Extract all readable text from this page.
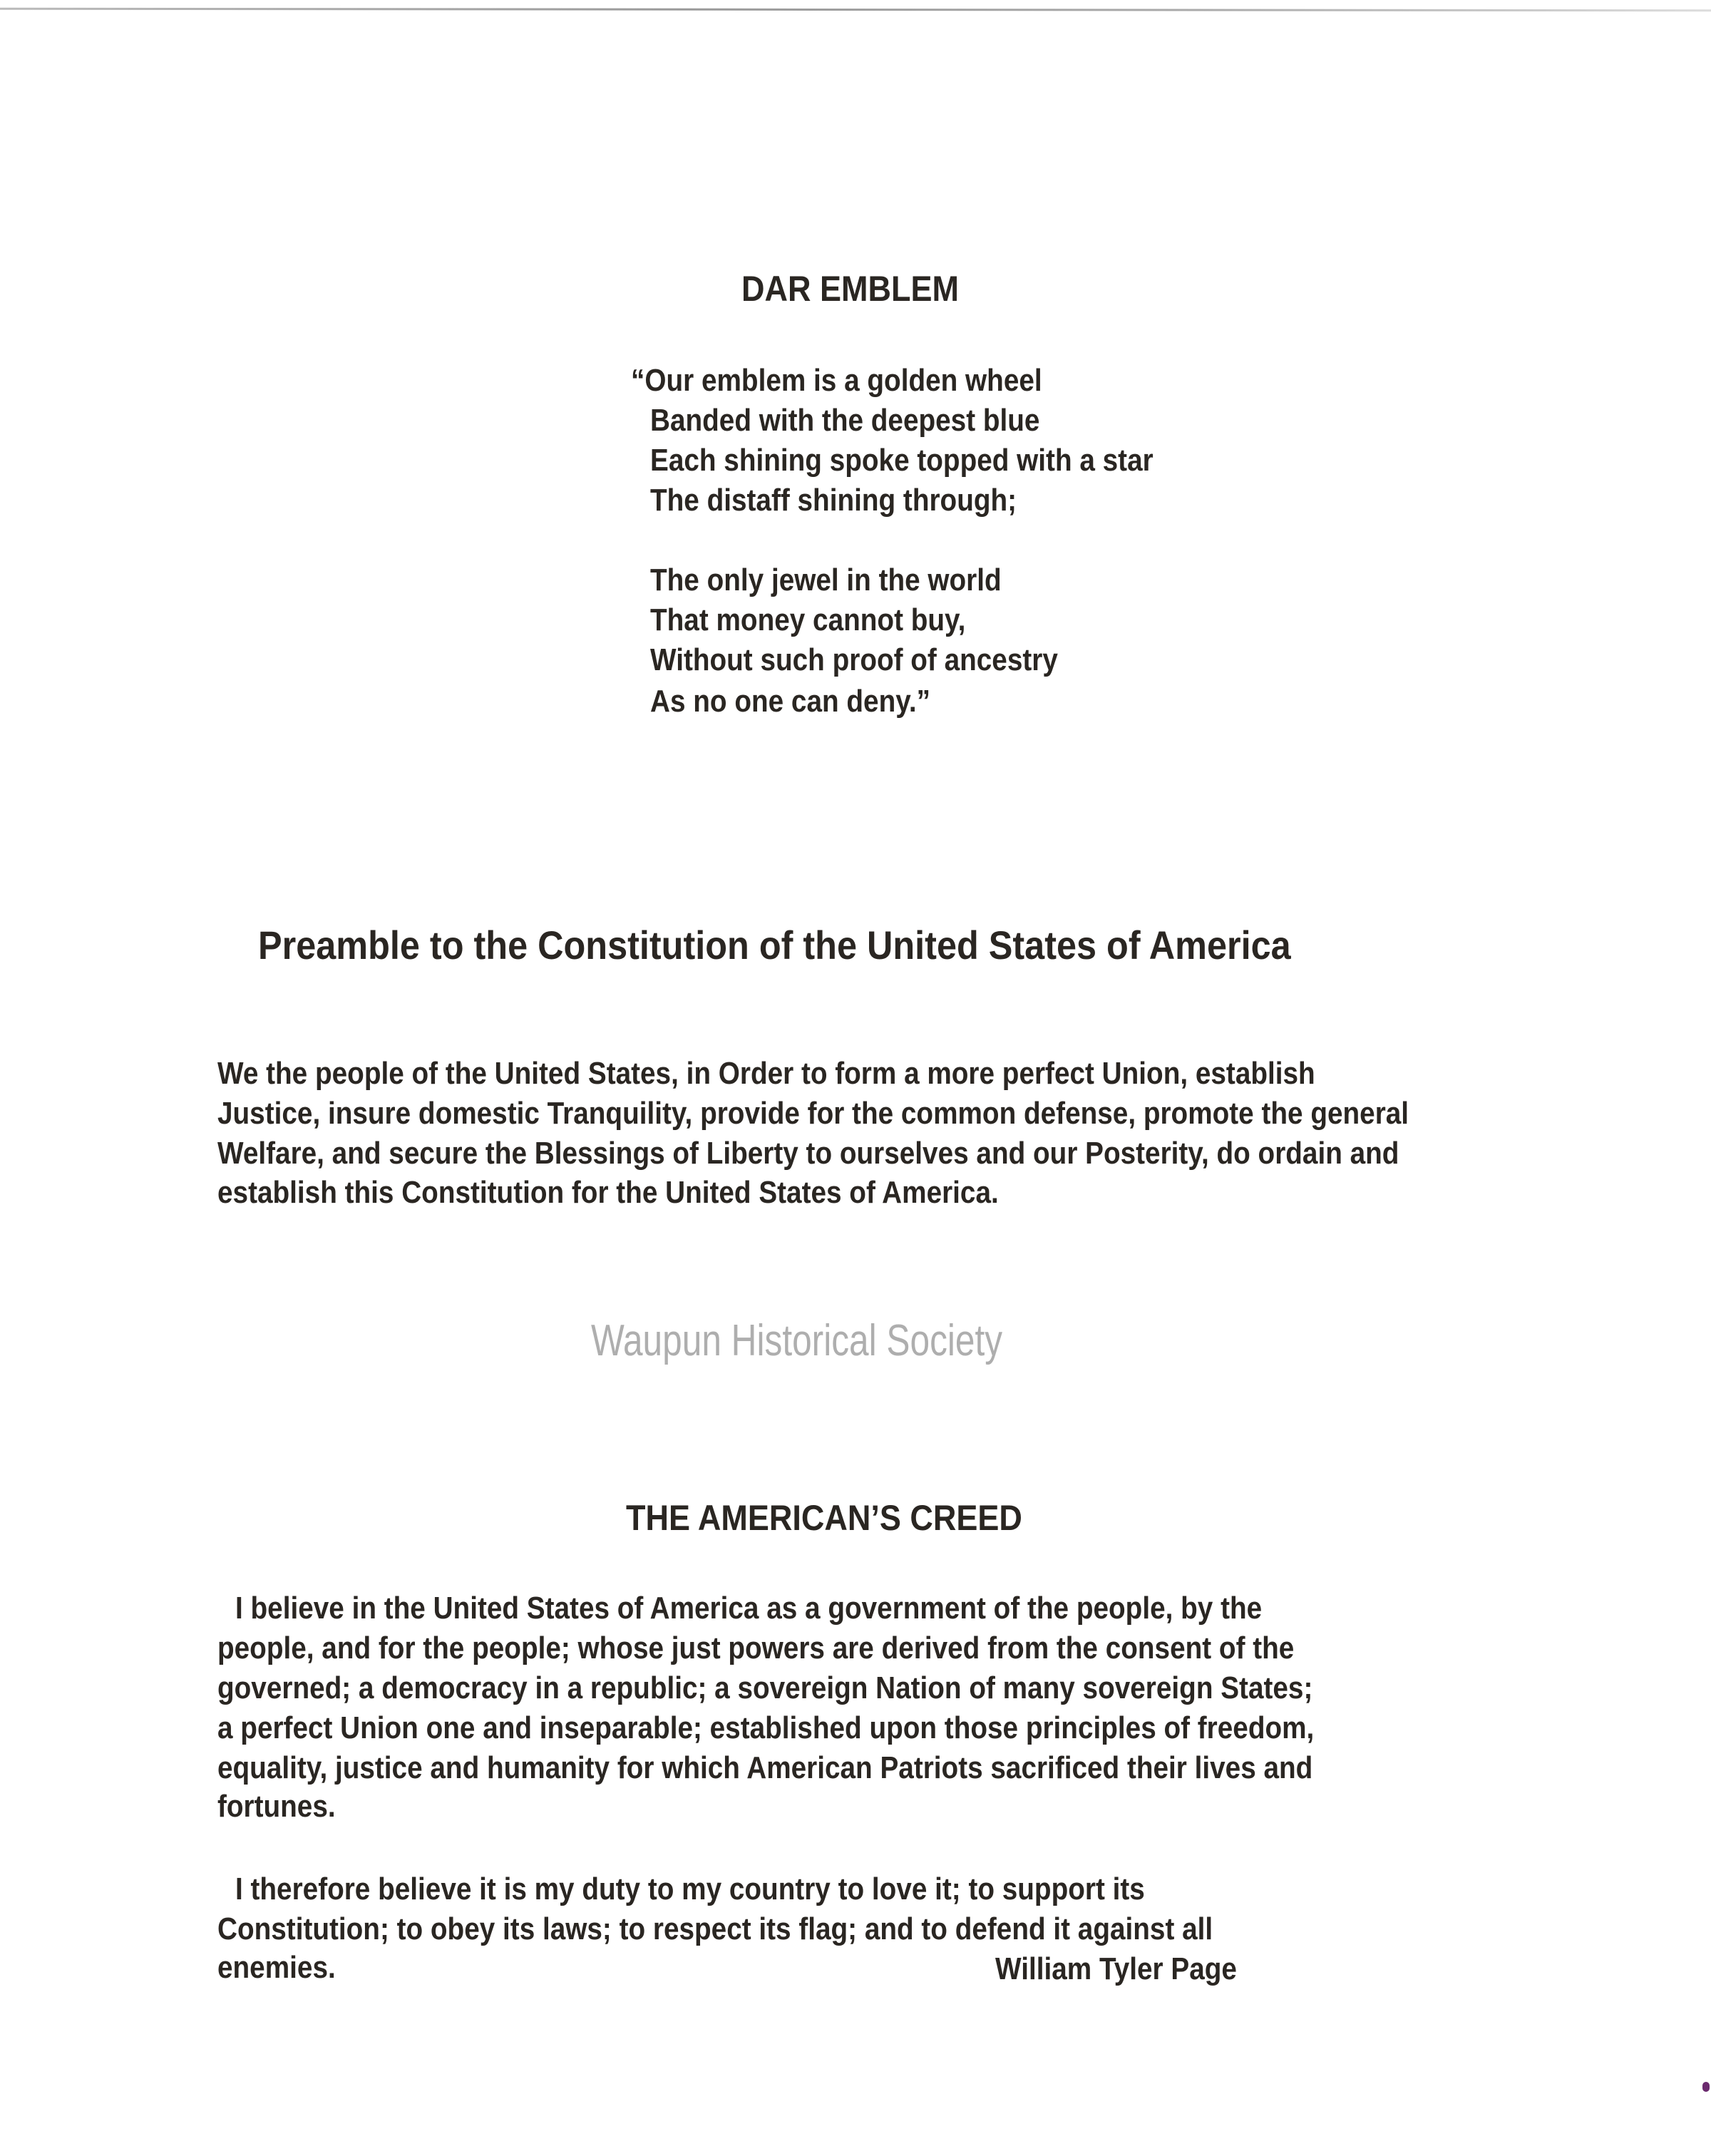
DAR EMBLEM
“Our emblem is a golden wheel
Banded with the deepest blue
Each shining spoke topped with a star
The distaff shining through;
The only jewel in the world
That money cannot buy,
Without such proof of ancestry
As no one can deny.”
Preamble to the Constitution of the United States of America
We the people of the United States, in Order to form a more perfect Union, establish
Justice, insure domestic Tranquility, provide for the common defense, promote the general
Welfare, and secure the Blessings of Liberty to ourselves and our Posterity, do ordain and
establish this Constitution for the United States of America.
Waupun Historical Society
THE AMERICAN’S CREED
I believe in the United States of America as a government of the people, by the
people, and for the people; whose just powers are derived from the consent of the
governed; a democracy in a republic; a sovereign Nation of many sovereign States;
a perfect Union one and inseparable; established upon those principles of freedom,
equality, justice and humanity for which American Patriots sacrificed their lives and
fortunes.
I therefore believe it is my duty to my country to love it; to support its
Constitution; to obey its laws; to respect its flag; and to defend it against all
enemies.	William Tyler Page
